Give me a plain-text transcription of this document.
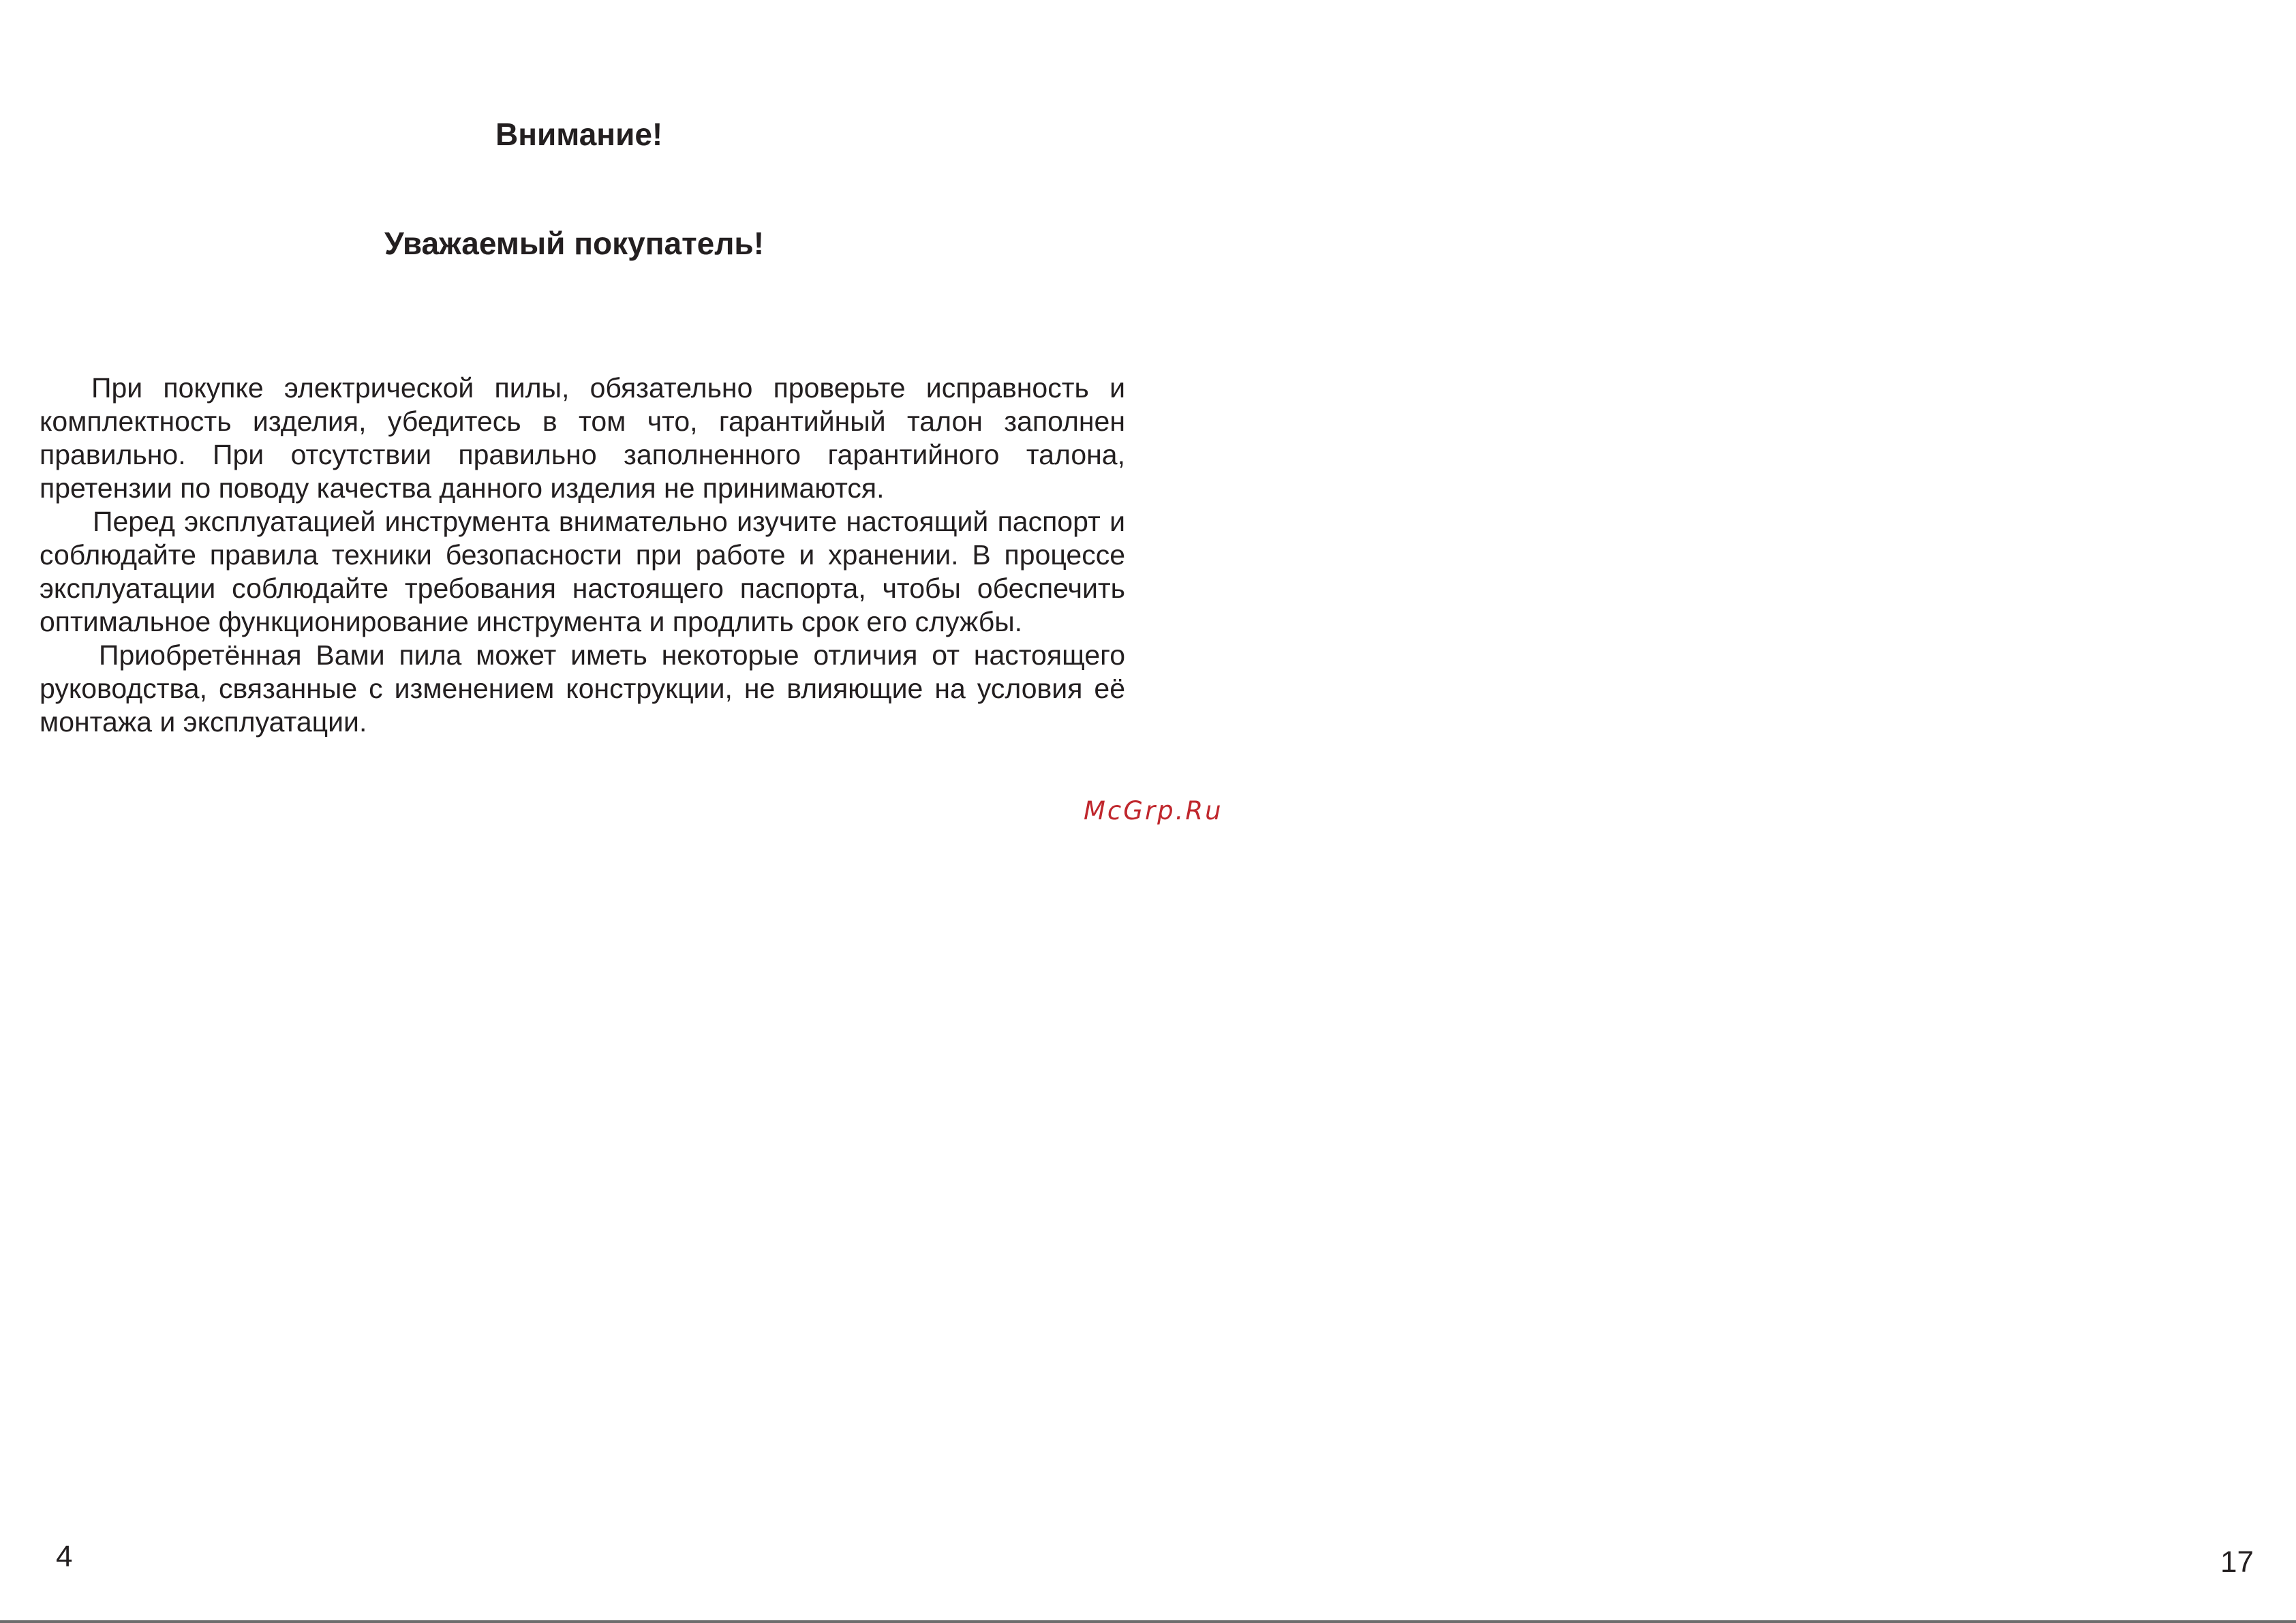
Внимание!
Уважаемый покупатель!

При покупке электрической пилы, обязательно проверьте исправность и комплектность изделия, убедитесь в том что, гарантийный талон заполнен правильно. При отсутствии правильно заполненного гарантийного талона, претензии по поводу качества данного изделия не принимаются.

Перед эксплуатацией инструмента внимательно изучите настоящий паспорт и соблюдайте правила техники безопасности при работе и хранении. В процессе эксплуатации соблюдайте требования настоящего паспорта, чтобы обеспечить оптимальное функционирование инструмента и продлить срок его службы.

Приобретённая Вами пила может иметь некоторые отличия от настоящего руководства, связанные с изменением конструкции, не влияющие на условия её монтажа и эксплуатации.

McGrp.Ru
4	17
